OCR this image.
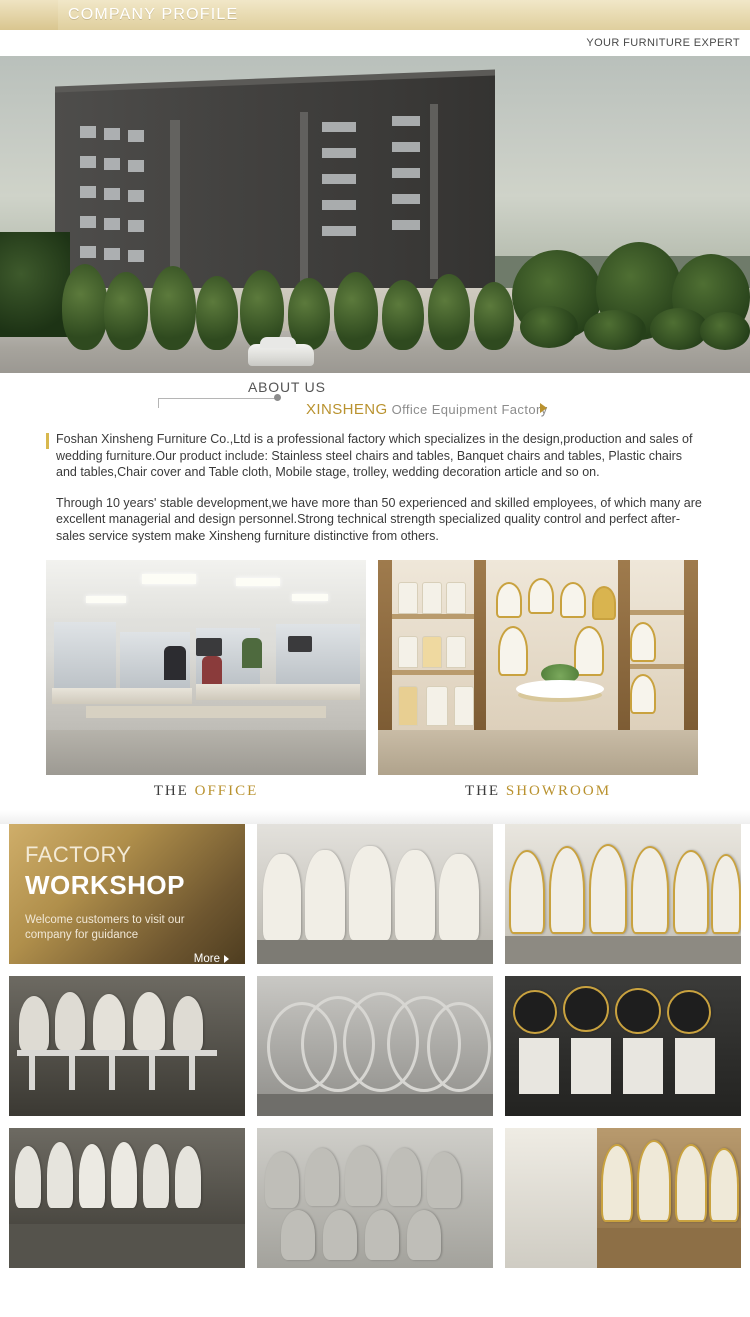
COMPANY PROFILE
YOUR FURNITURE EXPERT
ABOUT US
XINSHENG Office Equipment Factory

Foshan Xinsheng Furniture Co.,Ltd is a professional factory which specializes in the design,production and sales of wedding furniture.Our product include: Stainless steel chairs and tables, Banquet chairs and tables, Plastic chairs and tables,Chair cover and Table cloth, Mobile stage, trolley, wedding decoration article and so on.

Through 10 years' stable development,we have more than 50 experienced and skilled employees, of which many are excellent managerial and design personnel.Strong technical strength specialized quality control and perfect after-sales service system make Xinsheng furniture distinctive from others.

THE OFFICE	THE SHOWROOM
FACTORY
WORKSHOP
Welcome customers to visit our company for guidance
More
